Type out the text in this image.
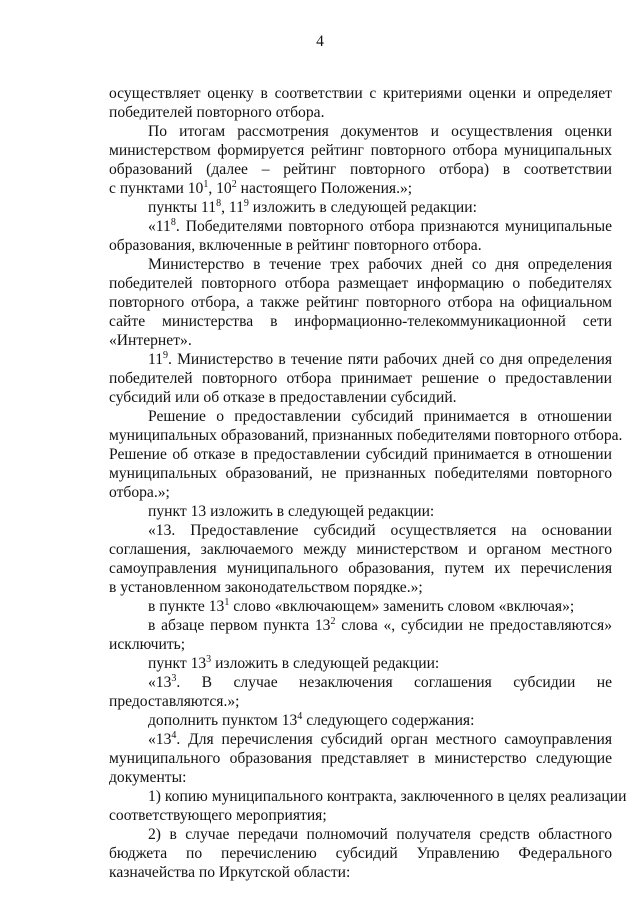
4
осуществляет оценку в соответствии с критериями оценки и определяет
победителей повторного отбора.
По итогам рассмотрения документов и осуществления оценки
министерством формируется рейтинг повторного отбора муниципальных
образований (далее – рейтинг повторного отбора) в соответствии
с пунктами $10^1$, $10^2$ настоящего Положения.»;
пункты $11^8$, $11^9$ изложить в следующей редакции:
«$11^8$. Победителями повторного отбора признаются муниципальные
образования, включенные в рейтинг повторного отбора.
Министерство в течение трех рабочих дней со дня определения
победителей повторного отбора размещает информацию о победителях
повторного отбора, а также рейтинг повторного отбора на официальном
сайте министерства в информационно-телекоммуникационной сети
«Интернет».
$11^9$. Министерство в течение пяти рабочих дней со дня определения
победителей повторного отбора принимает решение о предоставлении
субсидий или об отказе в предоставлении субсидий.
Решение о предоставлении субсидий принимается в отношении
муниципальных образований, признанных победителями повторного отбора.
Решение об отказе в предоставлении субсидий принимается в отношении
муниципальных образований, не признанных победителями повторного
отбора.»;
пункт 13 изложить в следующей редакции:
«13. Предоставление субсидий осуществляется на основании
соглашения, заключаемого между министерством и органом местного
самоуправления муниципального образования, путем их перечисления
в установленном законодательством порядке.»;
в пункте $13^1$ слово «включающем» заменить словом «включая»;
в абзаце первом пункта $13^2$ слова «, субсидии не предоставляются»
исключить;
пункт $13^3$ изложить в следующей редакции:
«$13^3$. В случае незаключения соглашения субсидии не
предоставляются.»;
дополнить пунктом $13^4$ следующего содержания:
«$13^4$. Для перечисления субсидий орган местного самоуправления
муниципального образования представляет в министерство следующие
документы:
1) копию муниципального контракта, заключенного в целях реализации
соответствующего мероприятия;
2) в случае передачи полномочий получателя средств областного
бюджета по перечислению субсидий Управлению Федерального
казначейства по Иркутской области:
